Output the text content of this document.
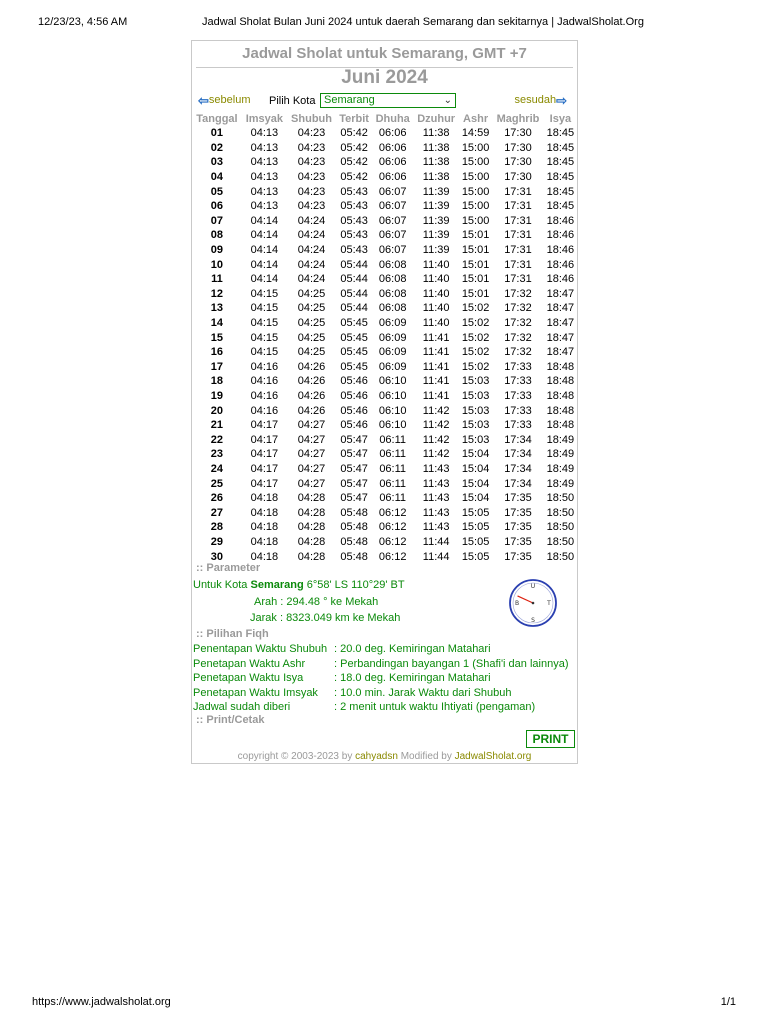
12/23/23, 4:56 AM	Jadwal Sholat Bulan Juni 2024 untuk daerah Semarang dan sekitarnya | JadwalSholat.Org
Jadwal Sholat untuk Semarang, GMT +7
Juni 2024
⇦ sebelum Pilih Kota Semarang	⌄	sesudah ⇨
Tanggal	Imsyak	Shubuh	Terbit	Dhuha	Dzuhur	Ashr	Maghrib	Isya
01	04:13	04:23	05:42	06:06	11:38	14:59	17:30	18:45
02	04:13	04:23	05:42	06:06	11:38	15:00	17:30	18:45
03	04:13	04:23	05:42	06:06	11:38	15:00	17:30	18:45
04	04:13	04:23	05:42	06:06	11:38	15:00	17:30	18:45
05	04:13	04:23	05:43	06:07	11:39	15:00	17:31	18:45
06	04:13	04:23	05:43	06:07	11:39	15:00	17:31	18:45
07	04:14	04:24	05:43	06:07	11:39	15:00	17:31	18:46
08	04:14	04:24	05:43	06:07	11:39	15:01	17:31	18:46
09	04:14	04:24	05:43	06:07	11:39	15:01	17:31	18:46
10	04:14	04:24	05:44	06:08	11:40	15:01	17:31	18:46
11	04:14	04:24	05:44	06:08	11:40	15:01	17:31	18:46
12	04:15	04:25	05:44	06:08	11:40	15:01	17:32	18:47
13	04:15	04:25	05:44	06:08	11:40	15:02	17:32	18:47
14	04:15	04:25	05:45	06:09	11:40	15:02	17:32	18:47
15	04:15	04:25	05:45	06:09	11:41	15:02	17:32	18:47
16	04:15	04:25	05:45	06:09	11:41	15:02	17:32	18:47
17	04:16	04:26	05:45	06:09	11:41	15:02	17:33	18:48
18	04:16	04:26	05:46	06:10	11:41	15:03	17:33	18:48
19	04:16	04:26	05:46	06:10	11:41	15:03	17:33	18:48
20	04:16	04:26	05:46	06:10	11:42	15:03	17:33	18:48
21	04:17	04:27	05:46	06:10	11:42	15:03	17:33	18:48
22	04:17	04:27	05:47	06:11	11:42	15:03	17:34	18:49
23	04:17	04:27	05:47	06:11	11:42	15:04	17:34	18:49
24	04:17	04:27	05:47	06:11	11:43	15:04	17:34	18:49
25	04:17	04:27	05:47	06:11	11:43	15:04	17:34	18:49
26	04:18	04:28	05:47	06:11	11:43	15:04	17:35	18:50
27	04:18	04:28	05:48	06:12	11:43	15:05	17:35	18:50
28	04:18	04:28	05:48	06:12	11:43	15:05	17:35	18:50
29	04:18	04:28	05:48	06:12	11:44	15:05	17:35	18:50
30	04:18	04:28	05:48	06:12	11:44	15:05	17:35	18:50
:: Parameter
Untuk Kota Semarang 6°58' LS 110°29' BT
Arah : 294.48 ° ke Mekah
Jarak : 8323.049 km ke Mekah
U
T
S
B
:: Pilihan Fiqh
Penentapan Waktu Shubuh : 20.0 deg. Kemiringan Matahari
Penetapan Waktu Ashr	: Perbandingan bayangan 1 (Shafi'i dan lainnya)
Penetapan Waktu Isya	: 18.0 deg. Kemiringan Matahari
Penetapan Waktu Imsyak : 10.0 min. Jarak Waktu dari Shubuh
Jadwal sudah diberi	: 2 menit untuk waktu Ihtiyati (pengaman)
:: Print/Cetak
PRINT
copyright © 2003-2023 by cahyadsn Modified by JadwalSholat.org
https://www.jadwalsholat.org	1/1
